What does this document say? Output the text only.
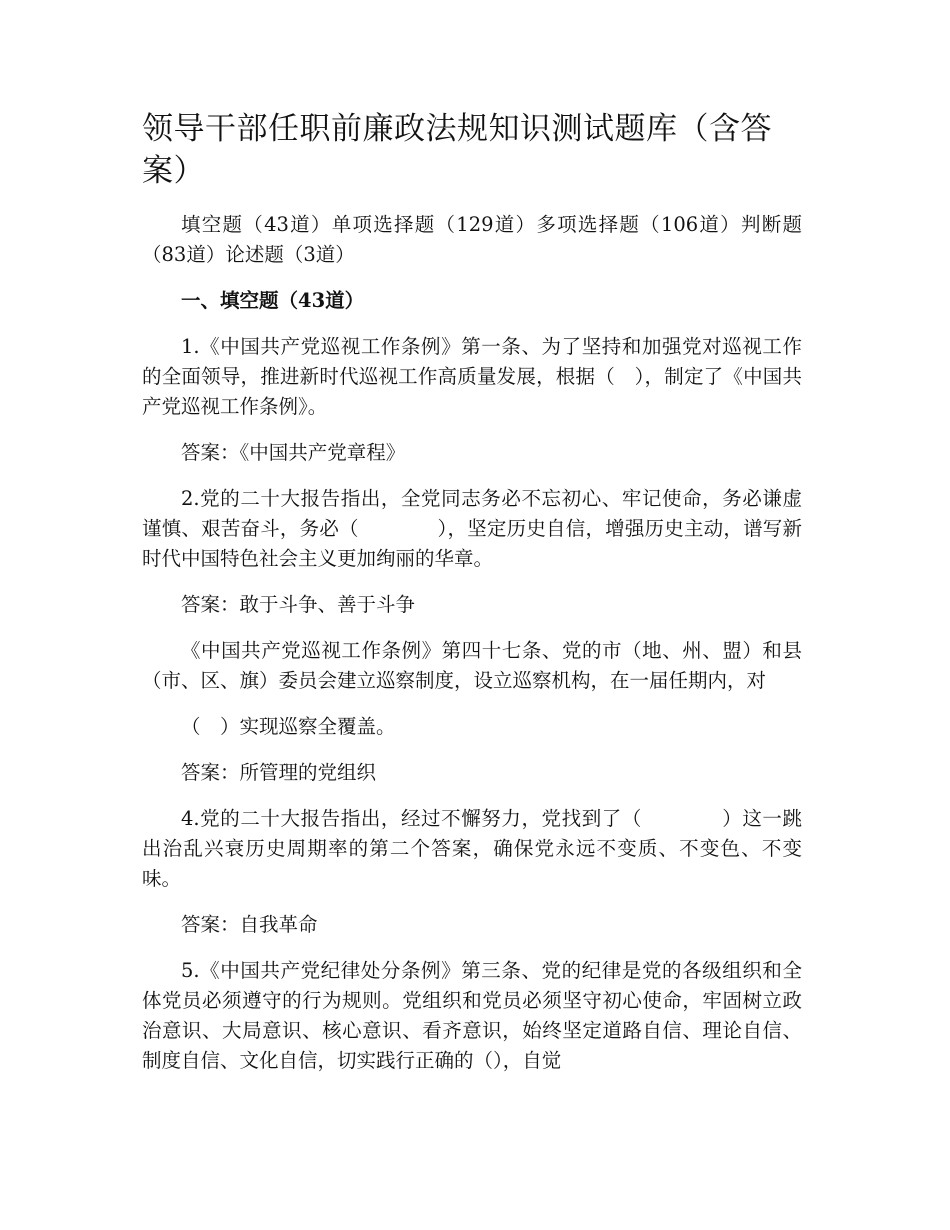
领导干部任职前廉政法规知识测试题库（含答案）

填空题（43道）单项选择题（129道）多项选择题（106道）判断题（83道）论述题（3道）

一、填空题（43道）

1.《中国共产党巡视工作条例》第一条、为了坚持和加强党对巡视工作的全面领导，推进新时代巡视工作高质量发展，根据（　），制定了《中国共产党巡视工作条例》。

答案：《中国共产党章程》

2.党的二十大报告指出，全党同志务必不忘初心、牢记使命，务必谦虚谨慎、艰苦奋斗，务必（　　　　），坚定历史自信，增强历史主动，谱写新时代中国特色社会主义更加绚丽的华章。

答案：敢于斗争、善于斗争

《中国共产党巡视工作条例》第四十七条、党的市（地、州、盟）和县（市、区、旗）委员会建立巡察制度，设立巡察机构，在一届任期内，对

（　）实现巡察全覆盖。

答案：所管理的党组织

4.党的二十大报告指出，经过不懈努力，党找到了（　　　　）这一跳出治乱兴衰历史周期率的第二个答案，确保党永远不变质、不变色、不变味。

答案：自我革命

5.《中国共产党纪律处分条例》第三条、党的纪律是党的各级组织和全体党员必须遵守的行为规则。党组织和党员必须坚守初心使命，牢固树立政治意识、大局意识、核心意识、看齐意识，始终坚定道路自信、理论自信、制度自信、文化自信，切实践行正确的（），自觉
